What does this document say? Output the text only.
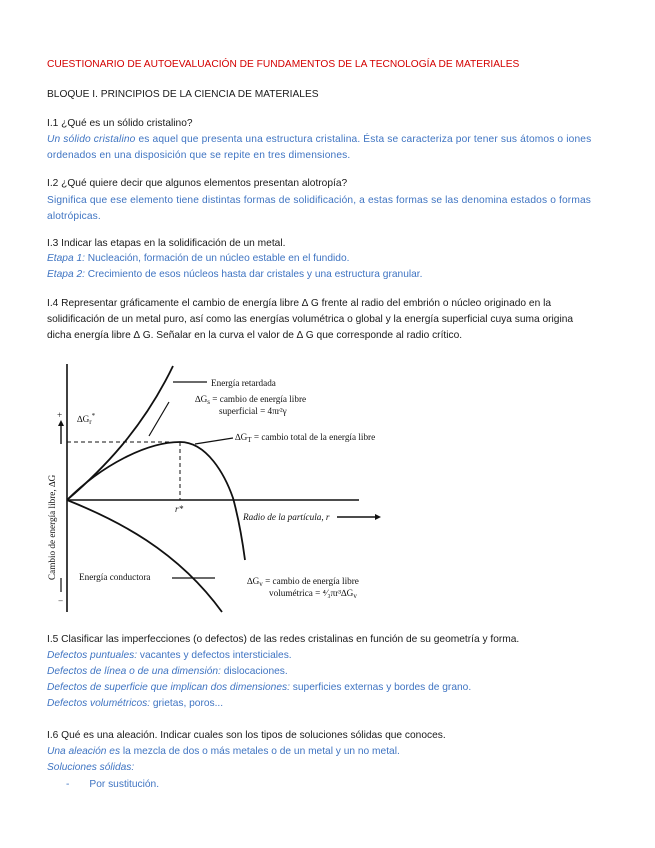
CUESTIONARIO DE AUTOEVALUACIÓN DE FUNDAMENTOS DE LA TECNOLOGÍA DE MATERIALES
BLOQUE I. PRINCIPIOS DE LA CIENCIA DE MATERIALES
I.1 ¿Qué es un sólido cristalino?
Un sólido cristalino es aquel que presenta una estructura cristalina. Ésta se caracteriza por tener sus átomos o iones
ordenados en una disposición que se repite en tres dimensiones.
I.2 ¿Qué quiere decir que algunos elementos presentan alotropía?
Significa que ese elemento tiene distintas formas de solidificación, a estas formas se las denomina estados o formas
alotrópicas.
I.3 Indicar las etapas en la solidificación de un metal.
Etapa 1: Nucleación, formación de un núcleo estable en el fundido.
Etapa 2: Crecimiento de esos núcleos hasta dar cristales y una estructura granular.
I.4 Representar gráficamente el cambio de energía libre ∆ G frente al radio del embrión o núcleo originado en la
solidificación de un metal puro, así como las energías volumétrica o global y la energía superficial cuya suma origina
dicha energía libre ∆ G. Señalar en la curva el valor de ∆ G que corresponde al radio crítico.
Energía retardada
$\Delta G_s$ = cambio de energía libre
superficial = 4πr²γ
$\Delta G_T$ = cambio total de la energía libre
Energía conductora	$\Delta G_v$ = cambio de energía libre
volumétrica = $^4⁄_3\pi r^3\Delta G_v$
Radio de la partícula, r
$\Delta G_r^*$
r*
+
−
Cambio de energía libre, ∆G
I.5 Clasificar las imperfecciones (o defectos) de las redes cristalinas en función de su geometría y forma.
Defectos puntuales: vacantes y defectos intersticiales.
Defectos de línea o de una dimensión: dislocaciones.
Defectos de superficie que implican dos dimensiones: superficies externas y bordes de grano.
Defectos volumétricos: grietas, poros...
I.6 Qué es una aleación. Indicar cuales son los tipos de soluciones sólidas que conoces.
Una aleación es la mezcla de dos o más metales o de un metal y un no metal.
Soluciones sólidas:
- Por sustitución.
